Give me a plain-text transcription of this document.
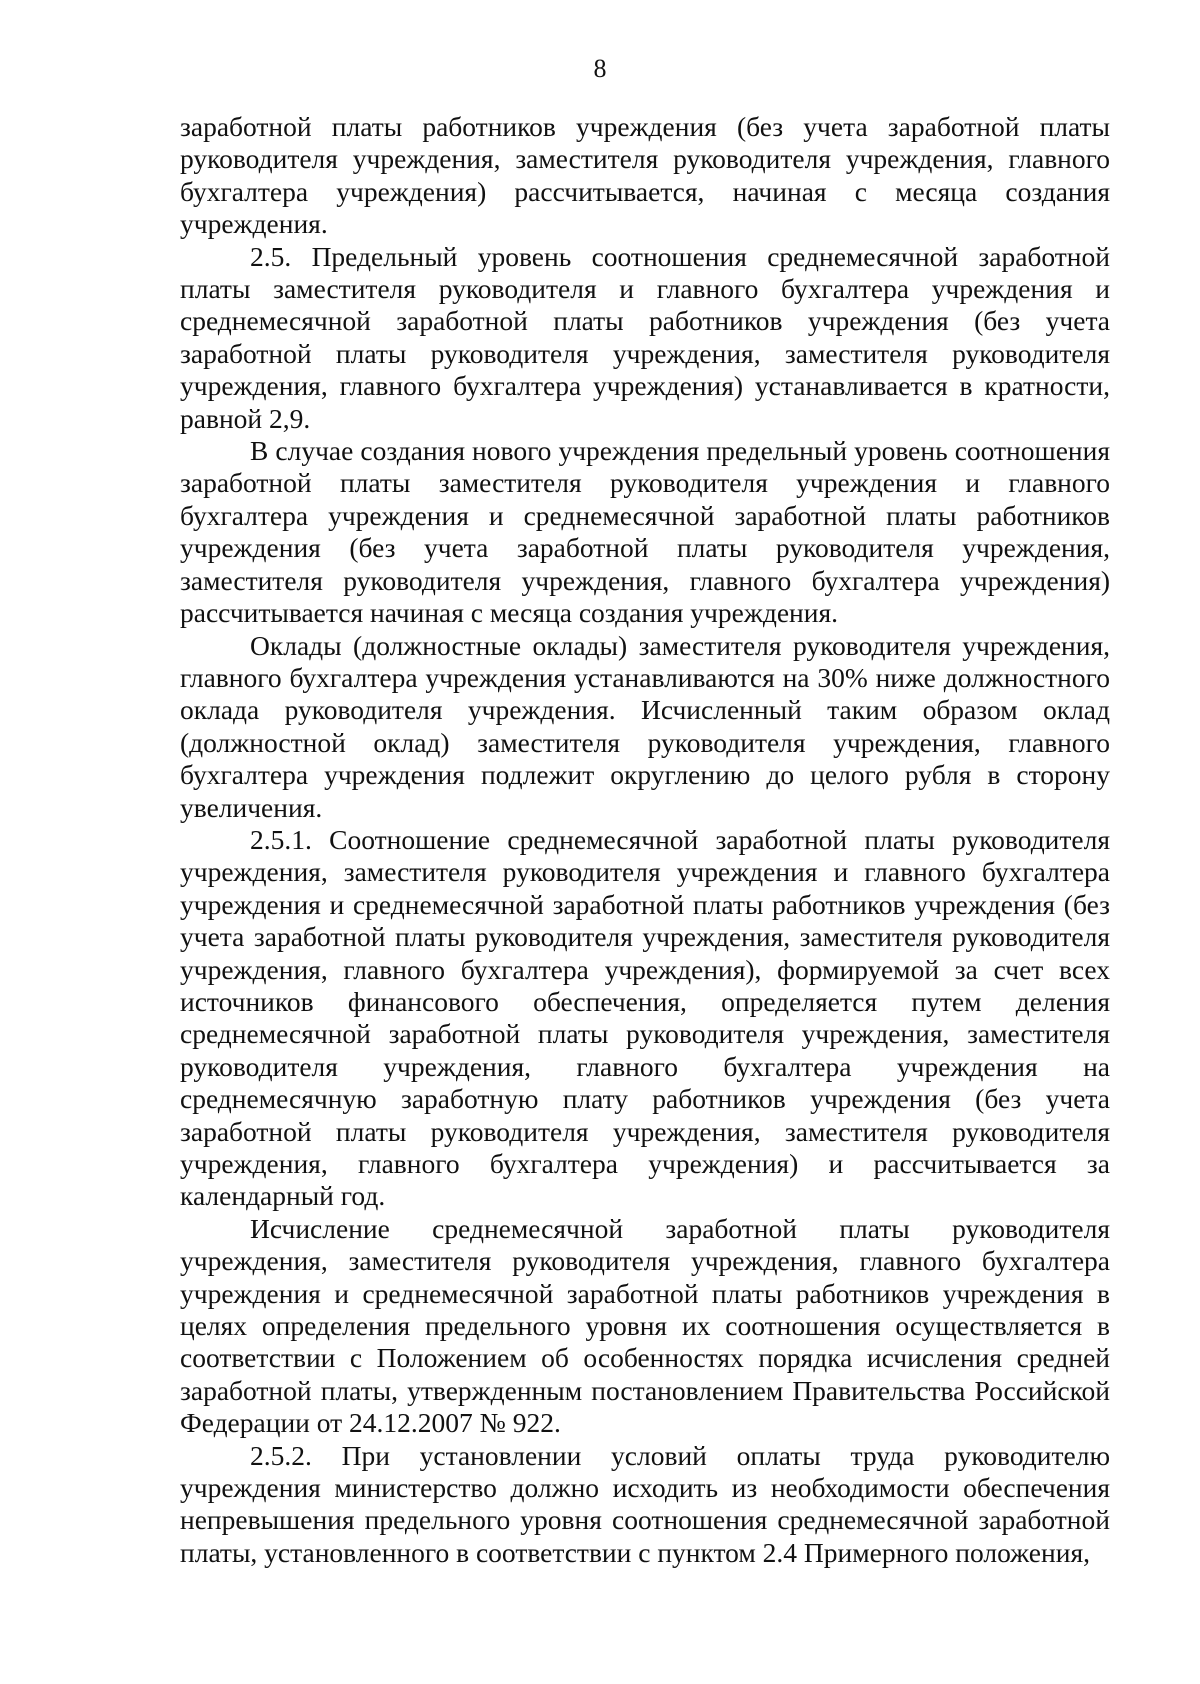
8

заработной платы работников учреждения (без учета заработной платы руководителя учреждения, заместителя руководителя учреждения, главного бухгалтера учреждения) рассчитывается, начиная с месяца создания учреждения.

2.5. Предельный уровень соотношения среднемесячной заработной платы заместителя руководителя и главного бухгалтера учреждения и среднемесячной заработной платы работников учреждения (без учета заработной платы руководителя учреждения, заместителя руководителя учреждения, главного бухгалтера учреждения) устанавливается в кратности, равной 2,9.

В случае создания нового учреждения предельный уровень соотношения заработной платы заместителя руководителя учреждения и главного бухгалтера учреждения и среднемесячной заработной платы работников учреждения (без учета заработной платы руководителя учреждения, заместителя руководителя учреждения, главного бухгалтера учреждения) рассчитывается начиная с месяца создания учреждения.

Оклады (должностные оклады) заместителя руководителя учреждения, главного бухгалтера учреждения устанавливаются на 30% ниже должностного оклада руководителя учреждения. Исчисленный таким образом оклад (должностной оклад) заместителя руководителя учреждения, главного бухгалтера учреждения подлежит округлению до целого рубля в сторону увеличения.

2.5.1. Соотношение среднемесячной заработной платы руководителя учреждения, заместителя руководителя учреждения и главного бухгалтера учреждения и среднемесячной заработной платы работников учреждения (без учета заработной платы руководителя учреждения, заместителя руководителя учреждения, главного бухгалтера учреждения), формируемой за счет всех источников финансового обеспечения, определяется путем деления среднемесячной заработной платы руководителя учреждения, заместителя руководителя учреждения, главного бухгалтера учреждения на среднемесячную заработную плату работников учреждения (без учета заработной платы руководителя учреждения, заместителя руководителя учреждения, главного бухгалтера учреждения) и рассчитывается за календарный год.

Исчисление среднемесячной заработной платы руководителя учреждения, заместителя руководителя учреждения, главного бухгалтера учреждения и среднемесячной заработной платы работников учреждения в целях определения предельного уровня их соотношения осуществляется в соответствии с Положением об особенностях порядка исчисления средней заработной платы, утвержденным постановлением Правительства Российской Федерации от 24.12.2007 № 922.

2.5.2. При установлении условий оплаты труда руководителю учреждения министерство должно исходить из необходимости обеспечения непревышения предельного уровня соотношения среднемесячной заработной платы, установленного в соответствии с пунктом 2.4 Примерного положения,
